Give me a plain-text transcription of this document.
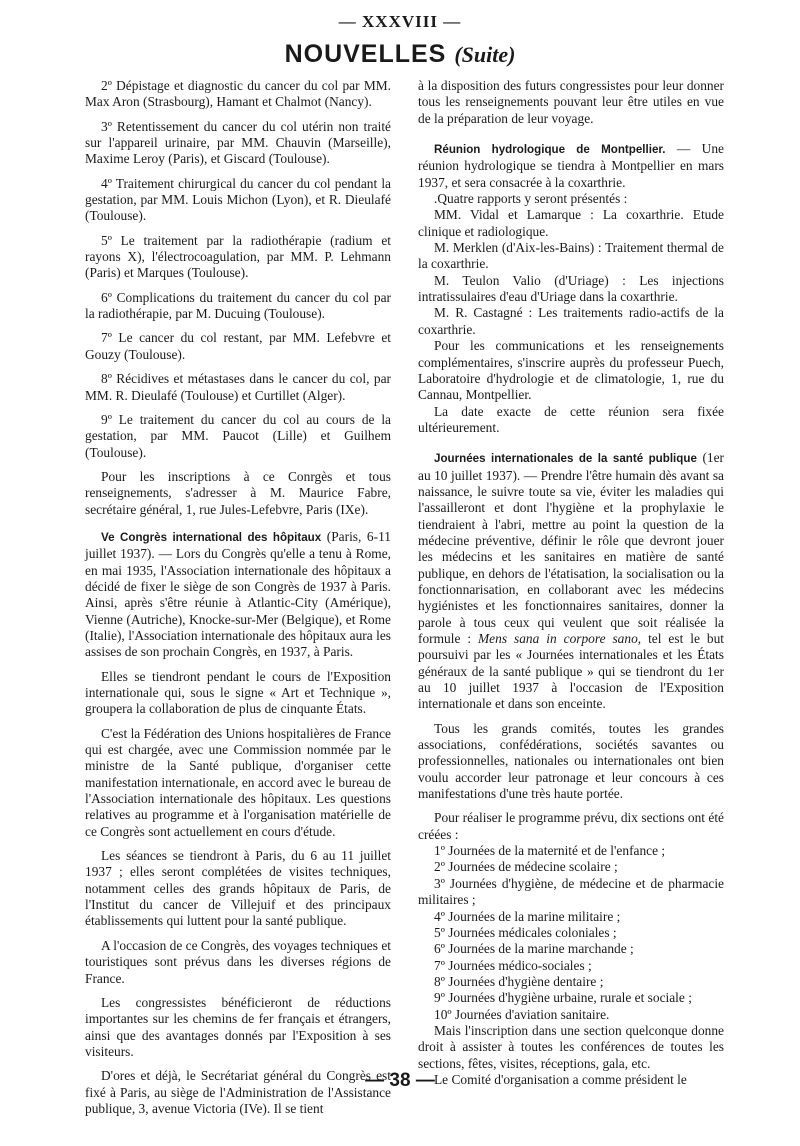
— XXXVIII —
NOUVELLES (Suite)

2º Dépistage et diagnostic du cancer du col par MM. Max Aron (Strasbourg), Hamant et Chalmot (Nancy).

3º Retentissement du cancer du col utérin non traité sur l'appareil urinaire, par MM. Chauvin (Marseille), Maxime Leroy (Paris), et Giscard (Toulouse).

4º Traitement chirurgical du cancer du col pendant la gestation, par MM. Louis Michon (Lyon), et R. Dieulafé (Toulouse).

5º Le traitement par la radiothérapie (radium et rayons X), l'électrocoagulation, par MM. P. Lehmann (Paris) et Marques (Toulouse).

6º Complications du traitement du cancer du col par la radiothérapie, par M. Ducuing (Toulouse).

7º Le cancer du col restant, par MM. Lefebvre et Gouzy (Toulouse).

8º Récidives et métastases dans le cancer du col, par MM. R. Dieulafé (Toulouse) et Curtillet (Alger).

9º Le traitement du cancer du col au cours de la gestation, par MM. Paucot (Lille) et Guilhem (Toulouse).

Pour les inscriptions à ce Conrgès et tous renseignements, s'adresser à M. Maurice Fabre, secrétaire général, 1, rue Jules-Lefebvre, Paris (IXe).

Ve Congrès international des hôpitaux (Paris, 6-11 juillet 1937). — Lors du Congrès qu'elle a tenu à Rome, en mai 1935, l'Association internationale des hôpitaux a décidé de fixer le siège de son Congrès de 1937 à Paris. Ainsi, après s'être réunie à Atlantic-City (Amérique), Vienne (Autriche), Knocke-sur-Mer (Belgique), et Rome (Italie), l'Association internationale des hôpitaux aura les assises de son prochain Congrès, en 1937, à Paris.

Elles se tiendront pendant le cours de l'Exposition internationale qui, sous le signe « Art et Technique », groupera la collaboration de plus de cinquante États.

C'est la Fédération des Unions hospitalières de France qui est chargée, avec une Commission nommée par le ministre de la Santé publique, d'organiser cette manifestation internationale, en accord avec le bureau de l'Association internationale des hôpitaux. Les questions relatives au programme et à l'organisation matérielle de ce Congrès sont actuellement en cours d'étude.

Les séances se tiendront à Paris, du 6 au 11 juillet 1937 ; elles seront complétées de visites techniques, notamment celles des grands hôpitaux de Paris, de l'Institut du cancer de Villejuif et des principaux établissements qui luttent pour la santé publique.

A l'occasion de ce Congrès, des voyages techniques et touristiques sont prévus dans les diverses régions de France.

Les congressistes bénéficieront de réductions importantes sur les chemins de fer français et étrangers, ainsi que des avantages donnés par l'Exposition à ses visiteurs.

D'ores et déjà, le Secrétariat général du Congrès est fixé à Paris, au siège de l'Administration de l'Assistance publique, 3, avenue Victoria (IVe). Il se tient

à la disposition des futurs congressistes pour leur donner tous les renseignements pouvant leur être utiles en vue de la préparation de leur voyage.

Réunion hydrologique de Montpellier. — Une réunion hydrologique se tiendra à Montpellier en mars 1937, et sera consacrée à la coxarthrie.

.Quatre rapports y seront présentés :

MM. Vidal et Lamarque : La coxarthrie. Etude clinique et radiologique.

M. Merklen (d'Aix-les-Bains) : Traitement thermal de la coxarthrie.

M. Teulon Valio (d'Uriage) : Les injections intratissulaires d'eau d'Uriage dans la coxarthrie.

M. R. Castagné : Les traitements radio-actifs de la coxarthrie.

Pour les communications et les renseignements complémentaires, s'inscrire auprès du professeur Puech, Laboratoire d'hydrologie et de climatologie, 1, rue du Cannau, Montpellier.

La date exacte de cette réunion sera fixée ultérieurement.

Journées internationales de la santé publique (1er au 10 juillet 1937). — Prendre l'être humain dès avant sa naissance, le suivre toute sa vie, éviter les maladies qui l'assailleront et dont l'hygiène et la prophylaxie le tiendraient à l'abri, mettre au point la question de la médecine préventive, définir le rôle que devront jouer les médecins et les sanitaires en matière de santé publique, en dehors de l'étatisation, la socialisation ou la fonctionnarisation, en collaborant avec les médecins hygiénistes et les fonctionnaires sanitaires, donner la parole à tous ceux qui veulent que soit réalisée la formule : Mens sana in corpore sano, tel est le but poursuivi par les « Journées internationales et les États généraux de la santé publique » qui se tiendront du 1er au 10 juillet 1937 à l'occasion de l'Exposition internationale et dans son enceinte.

Tous les grands comités, toutes les grandes associations, confédérations, sociétés savantes ou professionnelles, nationales ou internationales ont bien voulu accorder leur patronage et leur concours à ces manifestations d'une très haute portée.

Pour réaliser le programme prévu, dix sections ont été créées :

1º Journées de la maternité et de l'enfance ;

2º Journées de médecine scolaire ;

3º Journées d'hygiène, de médecine et de pharmacie militaires ;

4º Journées de la marine militaire ;

5º Journées médicales coloniales ;

6º Journées de la marine marchande ;

7º Journées médico-sociales ;

8º Journées d'hygiène dentaire ;

9º Journées d'hygiène urbaine, rurale et sociale ;

10º Journées d'aviation sanitaire.

Mais l'inscription dans une section quelconque donne droit à assister à toutes les conférences de toutes les sections, fêtes, visites, réceptions, gala, etc.

Le Comité d'organisation a comme président le

— 38 —
